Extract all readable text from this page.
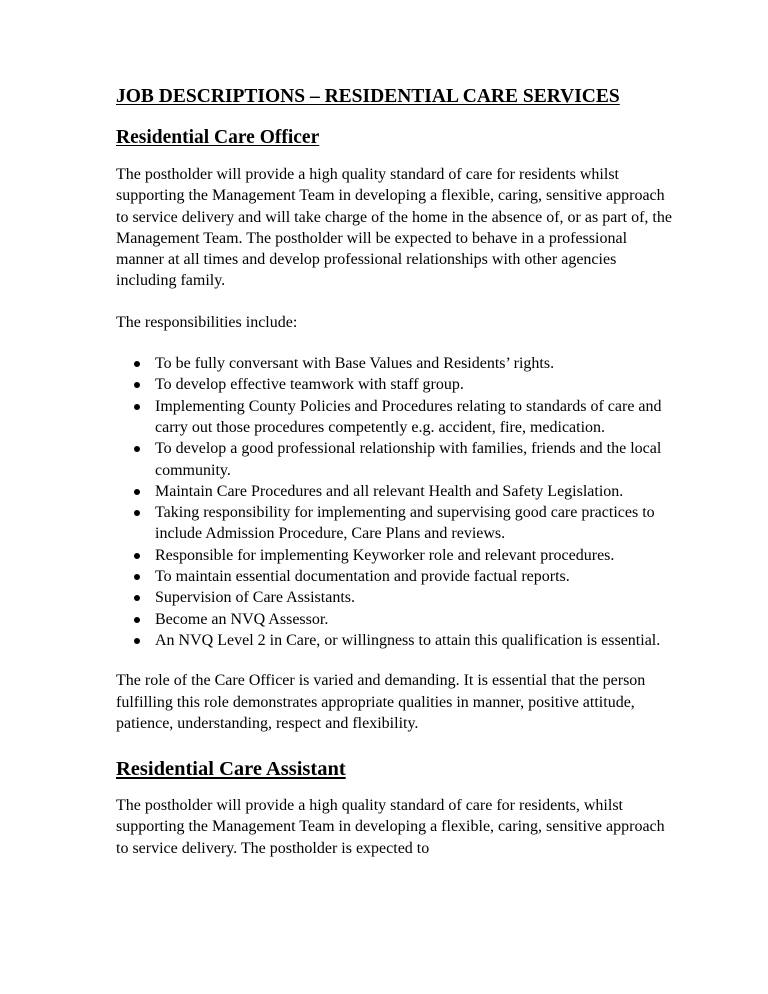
JOB DESCRIPTIONS – RESIDENTIAL CARE SERVICES
Residential Care Officer

The postholder will provide a high quality standard of care for residents whilst supporting the Management Team in developing a flexible, caring, sensitive approach to service delivery and will take charge of the home in the absence of, or as part of, the Management Team. The postholder will be expected to behave in a professional manner at all times and develop professional relationships with other agencies including family.

The responsibilities include:

To be fully conversant with Base Values and Residents’ rights.
To develop effective teamwork with staff group.
Implementing County Policies and Procedures relating to standards of care and carry out those procedures competently e.g. accident, fire, medication.
To develop a good professional relationship with families, friends and the local community.
Maintain Care Procedures and all relevant Health and Safety Legislation.
Taking responsibility for implementing and supervising good care practices to include Admission Procedure, Care Plans and reviews.
Responsible for implementing Keyworker role and relevant procedures.
To maintain essential documentation and provide factual reports.
Supervision of Care Assistants.
Become an NVQ Assessor.
An NVQ Level 2 in Care, or willingness to attain this qualification is essential.

The role of the Care Officer is varied and demanding. It is essential that the person fulfilling this role demonstrates appropriate qualities in manner, positive attitude, patience, understanding, respect and flexibility.

Residential Care Assistant

The postholder will provide a high quality standard of care for residents, whilst supporting the Management Team in developing a flexible, caring, sensitive approach to service delivery. The postholder is expected to
